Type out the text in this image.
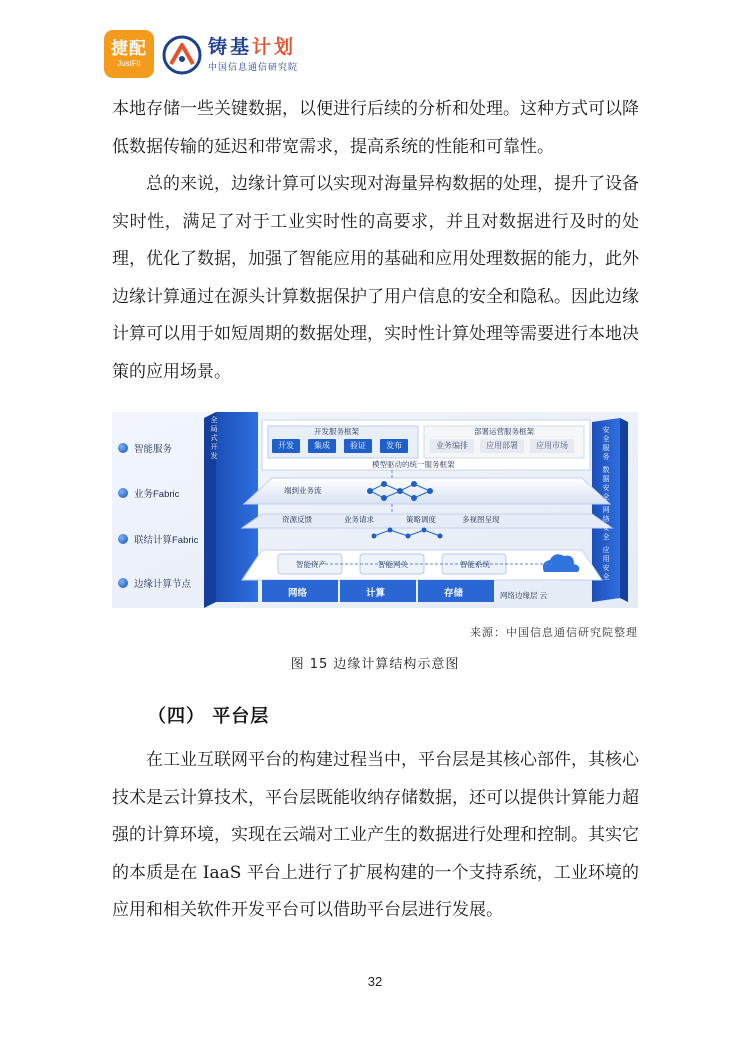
捷配
JustFit
铸基计划
中国信息通信研究院

本地存储一些关键数据，以便进行后续的分析和处理。这种方式可以降低数据传输的延迟和带宽需求，提高系统的性能和可靠性。

总的来说，边缘计算可以实现对海量异构数据的处理，提升了设备实时性，满足了对于工业实时性的高要求，并且对数据进行及时的处理，优化了数据，加强了智能应用的基础和应用处理数据的能力，此外边缘计算通过在源头计算数据保护了用户信息的安全和隐私。因此边缘计算可以用于如短周期的数据处理，实时性计算处理等需要进行本地决策的应用场景。

智能服务
业务Fabric
联结计算Fabric
边缘计算节点
全局式开发	开发服务框架
开发	集成	验证	发布
部署运营服务框架
业务编排	应用部署	应用市场
模型驱动的统一服务框架
端到业务流
资源反馈	业务请求	策略调度	多视图呈现
智能资产	智能网关	智能系统
网络	计算	存储	网络边缘层 云
安全服务 数据安全 网络安全 应用安全
来源：中国信息通信研究院整理
图 15 边缘计算结构示意图
（四） 平台层

在工业互联网平台的构建过程当中，平台层是其核心部件，其核心技术是云计算技术，平台层既能收纳存储数据，还可以提供计算能力超强的计算环境，实现在云端对工业产生的数据进行处理和控制。其实它的本质是在 IaaS 平台上进行了扩展构建的一个支持系统，工业环境的应用和相关软件开发平台可以借助平台层进行发展。

32
